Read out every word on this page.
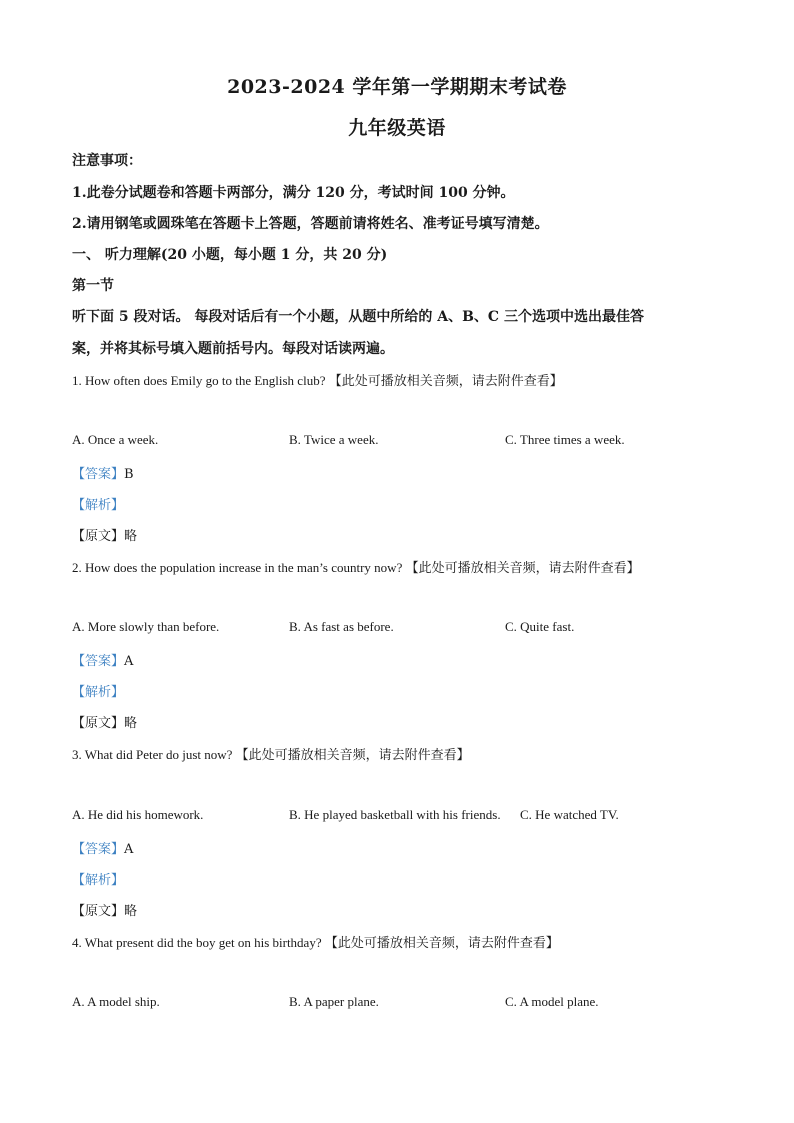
2023-2024 学年第一学期期末考试卷
九年级英语
注意事项：
1.此卷分试题卷和答题卡两部分，满分 120 分，考试时间 100 分钟。
2.请用钢笔或圆珠笔在答题卡上答题，答题前请将姓名、准考证号填写清楚。
一、 听力理解(20 小题，每小题 1 分，共 20 分)
第一节
听下面 5 段对话。 每段对话后有一个小题，从题中所给的 A、B、C 三个选项中选出最佳答
案，并将其标号填入题前括号内。每段对话读两遍。
1. How often does Emily go to the English club? 【此处可播放相关音频，请去附件查看】
A. Once a week.	B. Twice a week.	C. Three times a week.
【答案】B
【解析】
【原文】略
2. How does the population increase in the man’s country now? 【此处可播放相关音频，请去附件查看】
A. More slowly than before.	B. As fast as before.	C. Quite fast.
【答案】A
【解析】
【原文】略
3. What did Peter do just now? 【此处可播放相关音频，请去附件查看】
A. He did his homework.	B. He played basketball with his friends. C. He watched TV.
【答案】A
【解析】
【原文】略
4. What present did the boy get on his birthday? 【此处可播放相关音频，请去附件查看】
A. A model ship.	B. A paper plane.	C. A model plane.
